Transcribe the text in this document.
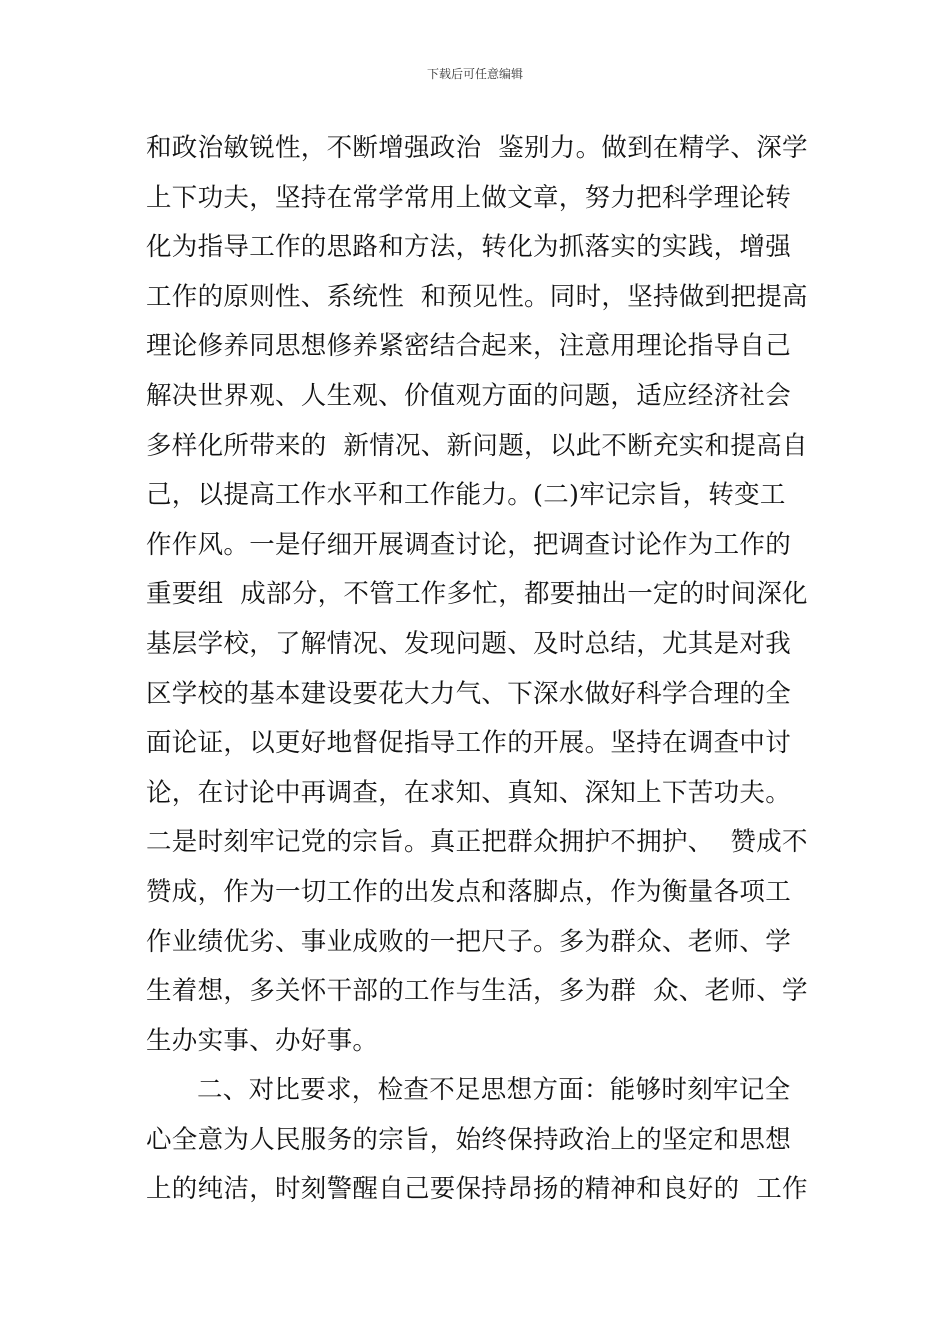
下载后可任意编辑
和政治敏锐性，不断增强政治  鉴别力。做到在精学、深学
上下功夫，坚持在常学常用上做文章，努力把科学理论转
化为指导工作的思路和方法，转化为抓落实的实践，增强
工作的原则性、系统性  和预见性。同时，坚持做到把提高
理论修养同思想修养紧密结合起来，注意用理论指导自己
解决世界观、人生观、价值观方面的问题，适应经济社会
多样化所带来的  新情况、新问题，以此不断充实和提高自
己，以提高工作水平和工作能力。(二)牢记宗旨，转变工
作作风。一是仔细开展调查讨论，把调查讨论作为工作的
重要组  成部分，不管工作多忙，都要抽出一定的时间深化
基层学校，了解情况、发现问题、及时总结，尤其是对我
区学校的基本建设要花大力气、下深水做好科学合理的全
面论证，以更好地督促指导工作的开展。坚持在调查中讨
论，在讨论中再调查，在求知、真知、深知上下苦功夫。
二是时刻牢记党的宗旨。真正把群众拥护不拥护、  赞成不
赞成，作为一切工作的出发点和落脚点，作为衡量各项工
作业绩优劣、事业成败的一把尺子。多为群众、老师、学
生着想，多关怀干部的工作与生活，多为群  众、老师、学
生办实事、办好事。
二、对比要求，检查不足思想方面：能够时刻牢记全
心全意为人民服务的宗旨，始终保持政治上的坚定和思想
上的纯洁，时刻警醒自己要保持昂扬的精神和良好的  工作
